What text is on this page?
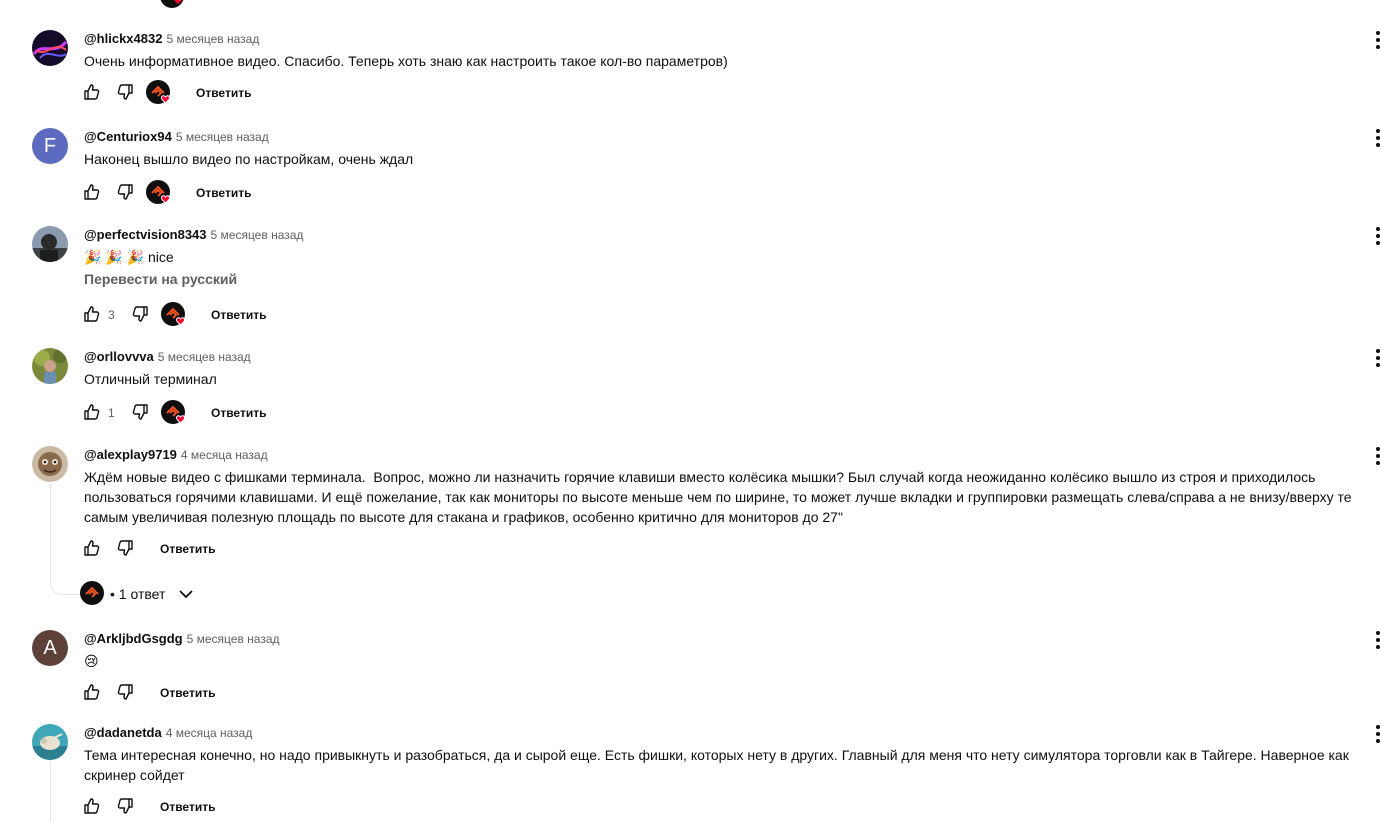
@hlickx4832 5 месяцев назад
Очень информативное видео. Спасибо. Теперь хоть знаю как настроить такое кол-во параметров)
Ответить
F	@Centuriox94 5 месяцев назад
Наконец вышло видео по настройкам, очень ждал
Ответить
@perfectvision8343 5 месяцев назад
🎉 🎉 🎉 nice
Перевести на русский
3	Ответить
@orllovvva 5 месяцев назад
Отличный терминал
1	Ответить
@alexplay9719 4 месяца назад
Ждём новые видео с фишками терминала.  Вопрос, можно ли назначить горячие клавиши вместо колёсика мышки? Был случай когда неожиданно колёсико вышло из строя и приходилось пользоваться горячими клавишами. И ещё пожелание, так как мониторы по высоте меньше чем по ширине, то может лучше вкладки и группировки размещать слева/справа а не внизу/вверху те самым увеличивая полезную площадь по высоте для стакана и графиков, особенно критично для мониторов до 27"
Ответить
• 1 ответ
A	@ArkljbdGsgdg 5 месяцев назад
😢
Ответить
@dadanetda 4 месяца назад
Тема интересная конечно, но надо привыкнуть и разобраться, да и сырой еще. Есть фишки, которых нету в других. Главный для меня что нету симулятора торговли как в Тайгере. Наверное как скринер сойдет
Ответить
